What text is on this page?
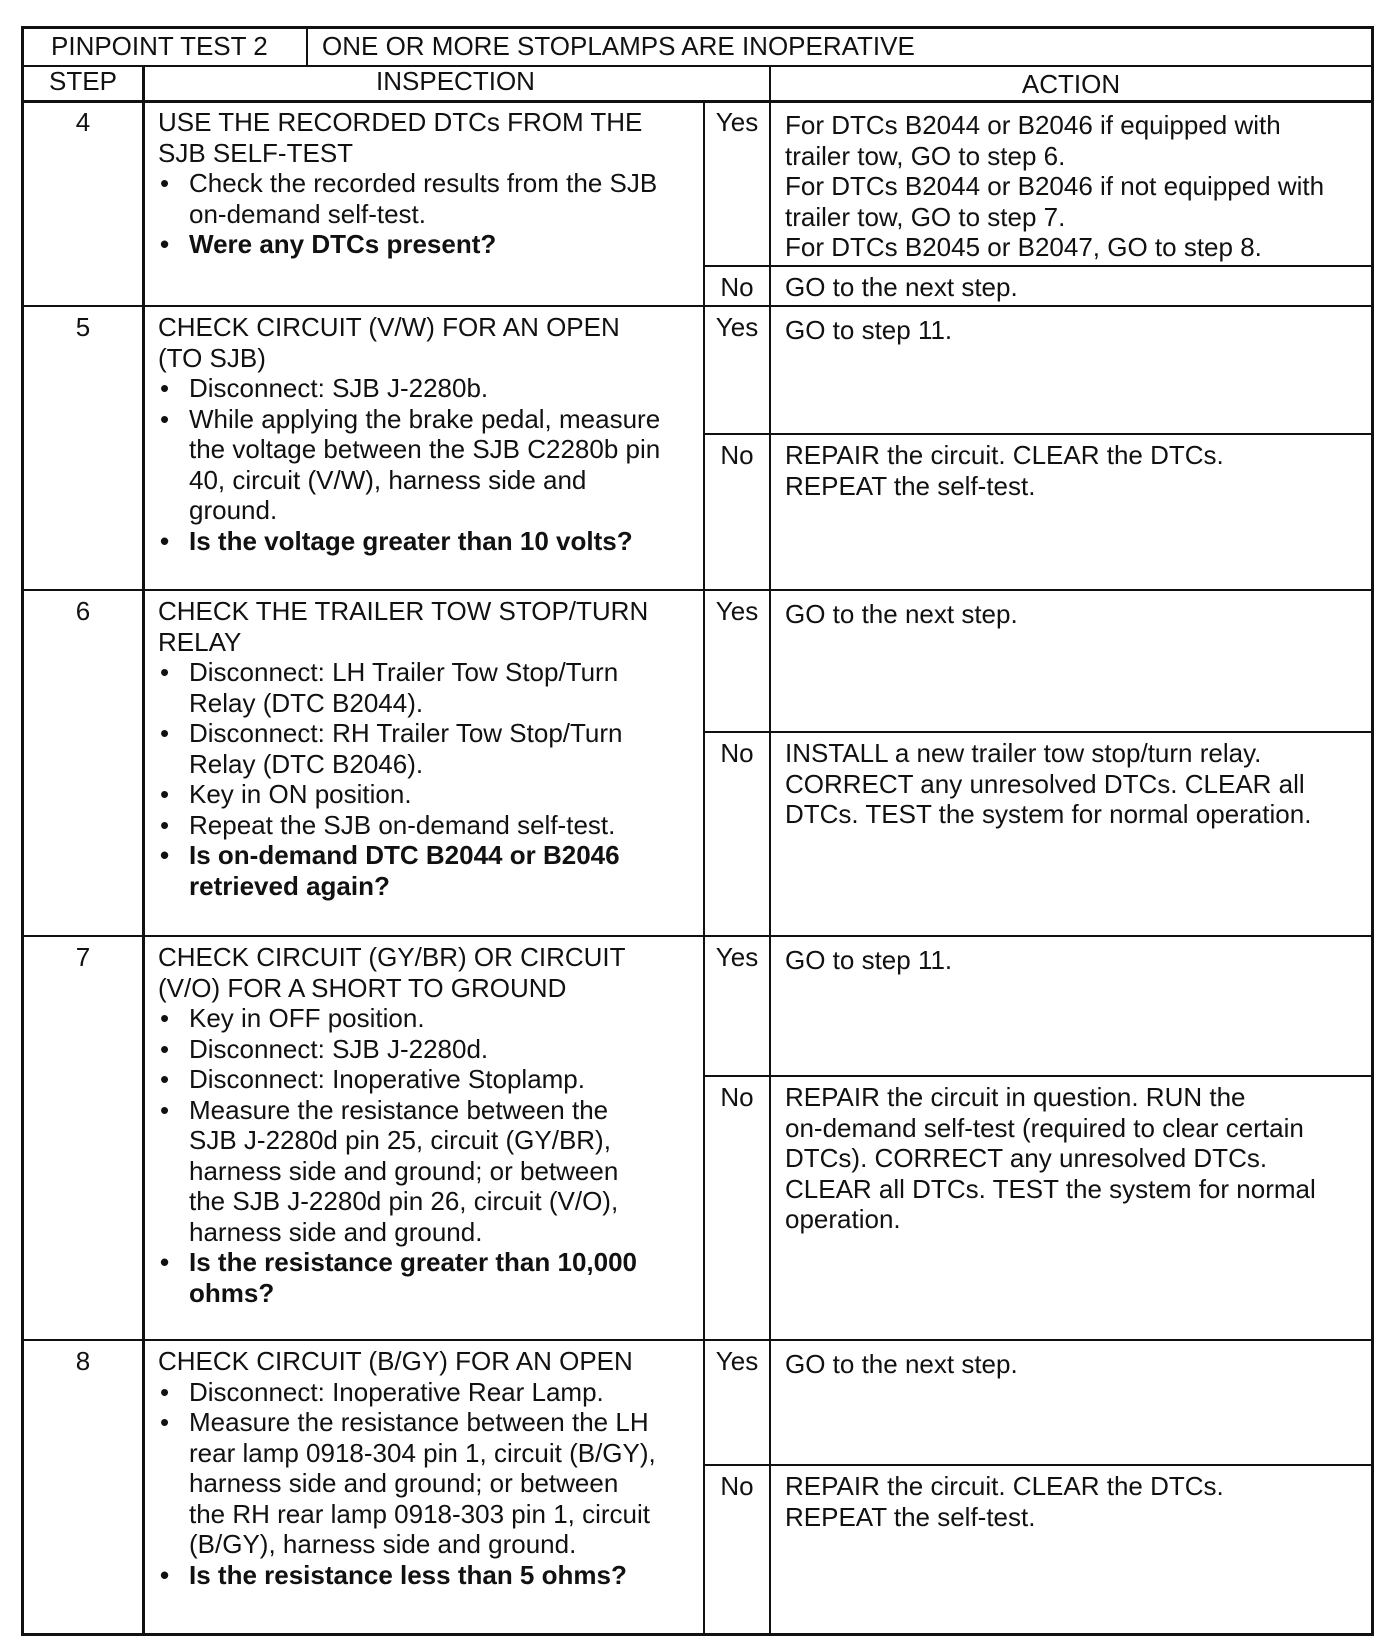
PINPOINT TEST 2 ONE OR MORE STOPLAMPS ARE INOPERATIVE
STEP	INSPECTION	ACTION
4	USE THE RECORDED DTCs FROM THE
SJB SELF-TEST
• Check the recorded results from the SJB
on-demand self-test.
• Were any DTCs present?
Yes	For DTCs B2044 or B2046 if equipped with
trailer tow, GO to step 6.
For DTCs B2044 or B2046 if not equipped with
trailer tow, GO to step 7.
For DTCs B2045 or B2047, GO to step 8.
No	GO to the next step.
5	CHECK CIRCUIT (V/W) FOR AN OPEN
(TO SJB)
• Disconnect: SJB J-2280b.
• While applying the brake pedal, measure
the voltage between the SJB C2280b pin
40, circuit (V/W), harness side and
ground.
• Is the voltage greater than 10 volts?
Yes	GO to step 11.
No	REPAIR the circuit. CLEAR the DTCs.
REPEAT the self-test.
6	CHECK THE TRAILER TOW STOP/TURN
RELAY
• Disconnect: LH Trailer Tow Stop/Turn
Relay (DTC B2044).
• Disconnect: RH Trailer Tow Stop/Turn
Relay (DTC B2046).
• Key in ON position.
• Repeat the SJB on-demand self-test.
• Is on-demand DTC B2044 or B2046
retrieved again?
Yes	GO to the next step.
No	INSTALL a new trailer tow stop/turn relay.
CORRECT any unresolved DTCs. CLEAR all
DTCs. TEST the system for normal operation.
7	CHECK CIRCUIT (GY/BR) OR CIRCUIT
(V/O) FOR A SHORT TO GROUND
• Key in OFF position.
• Disconnect: SJB J-2280d.
• Disconnect: Inoperative Stoplamp.
• Measure the resistance between the
SJB J-2280d pin 25, circuit (GY/BR),
harness side and ground; or between
the SJB J-2280d pin 26, circuit (V/O),
harness side and ground.
• Is the resistance greater than 10,000
ohms?
Yes	GO to step 11.
No	REPAIR the circuit in question. RUN the
on-demand self-test (required to clear certain
DTCs). CORRECT any unresolved DTCs.
CLEAR all DTCs. TEST the system for normal
operation.
8	CHECK CIRCUIT (B/GY) FOR AN OPEN
• Disconnect: Inoperative Rear Lamp.
• Measure the resistance between the LH
rear lamp 0918-304 pin 1, circuit (B/GY),
harness side and ground; or between
the RH rear lamp 0918-303 pin 1, circuit
(B/GY), harness side and ground.
• Is the resistance less than 5 ohms?
Yes	GO to the next step.
No	REPAIR the circuit. CLEAR the DTCs.
REPEAT the self-test.
